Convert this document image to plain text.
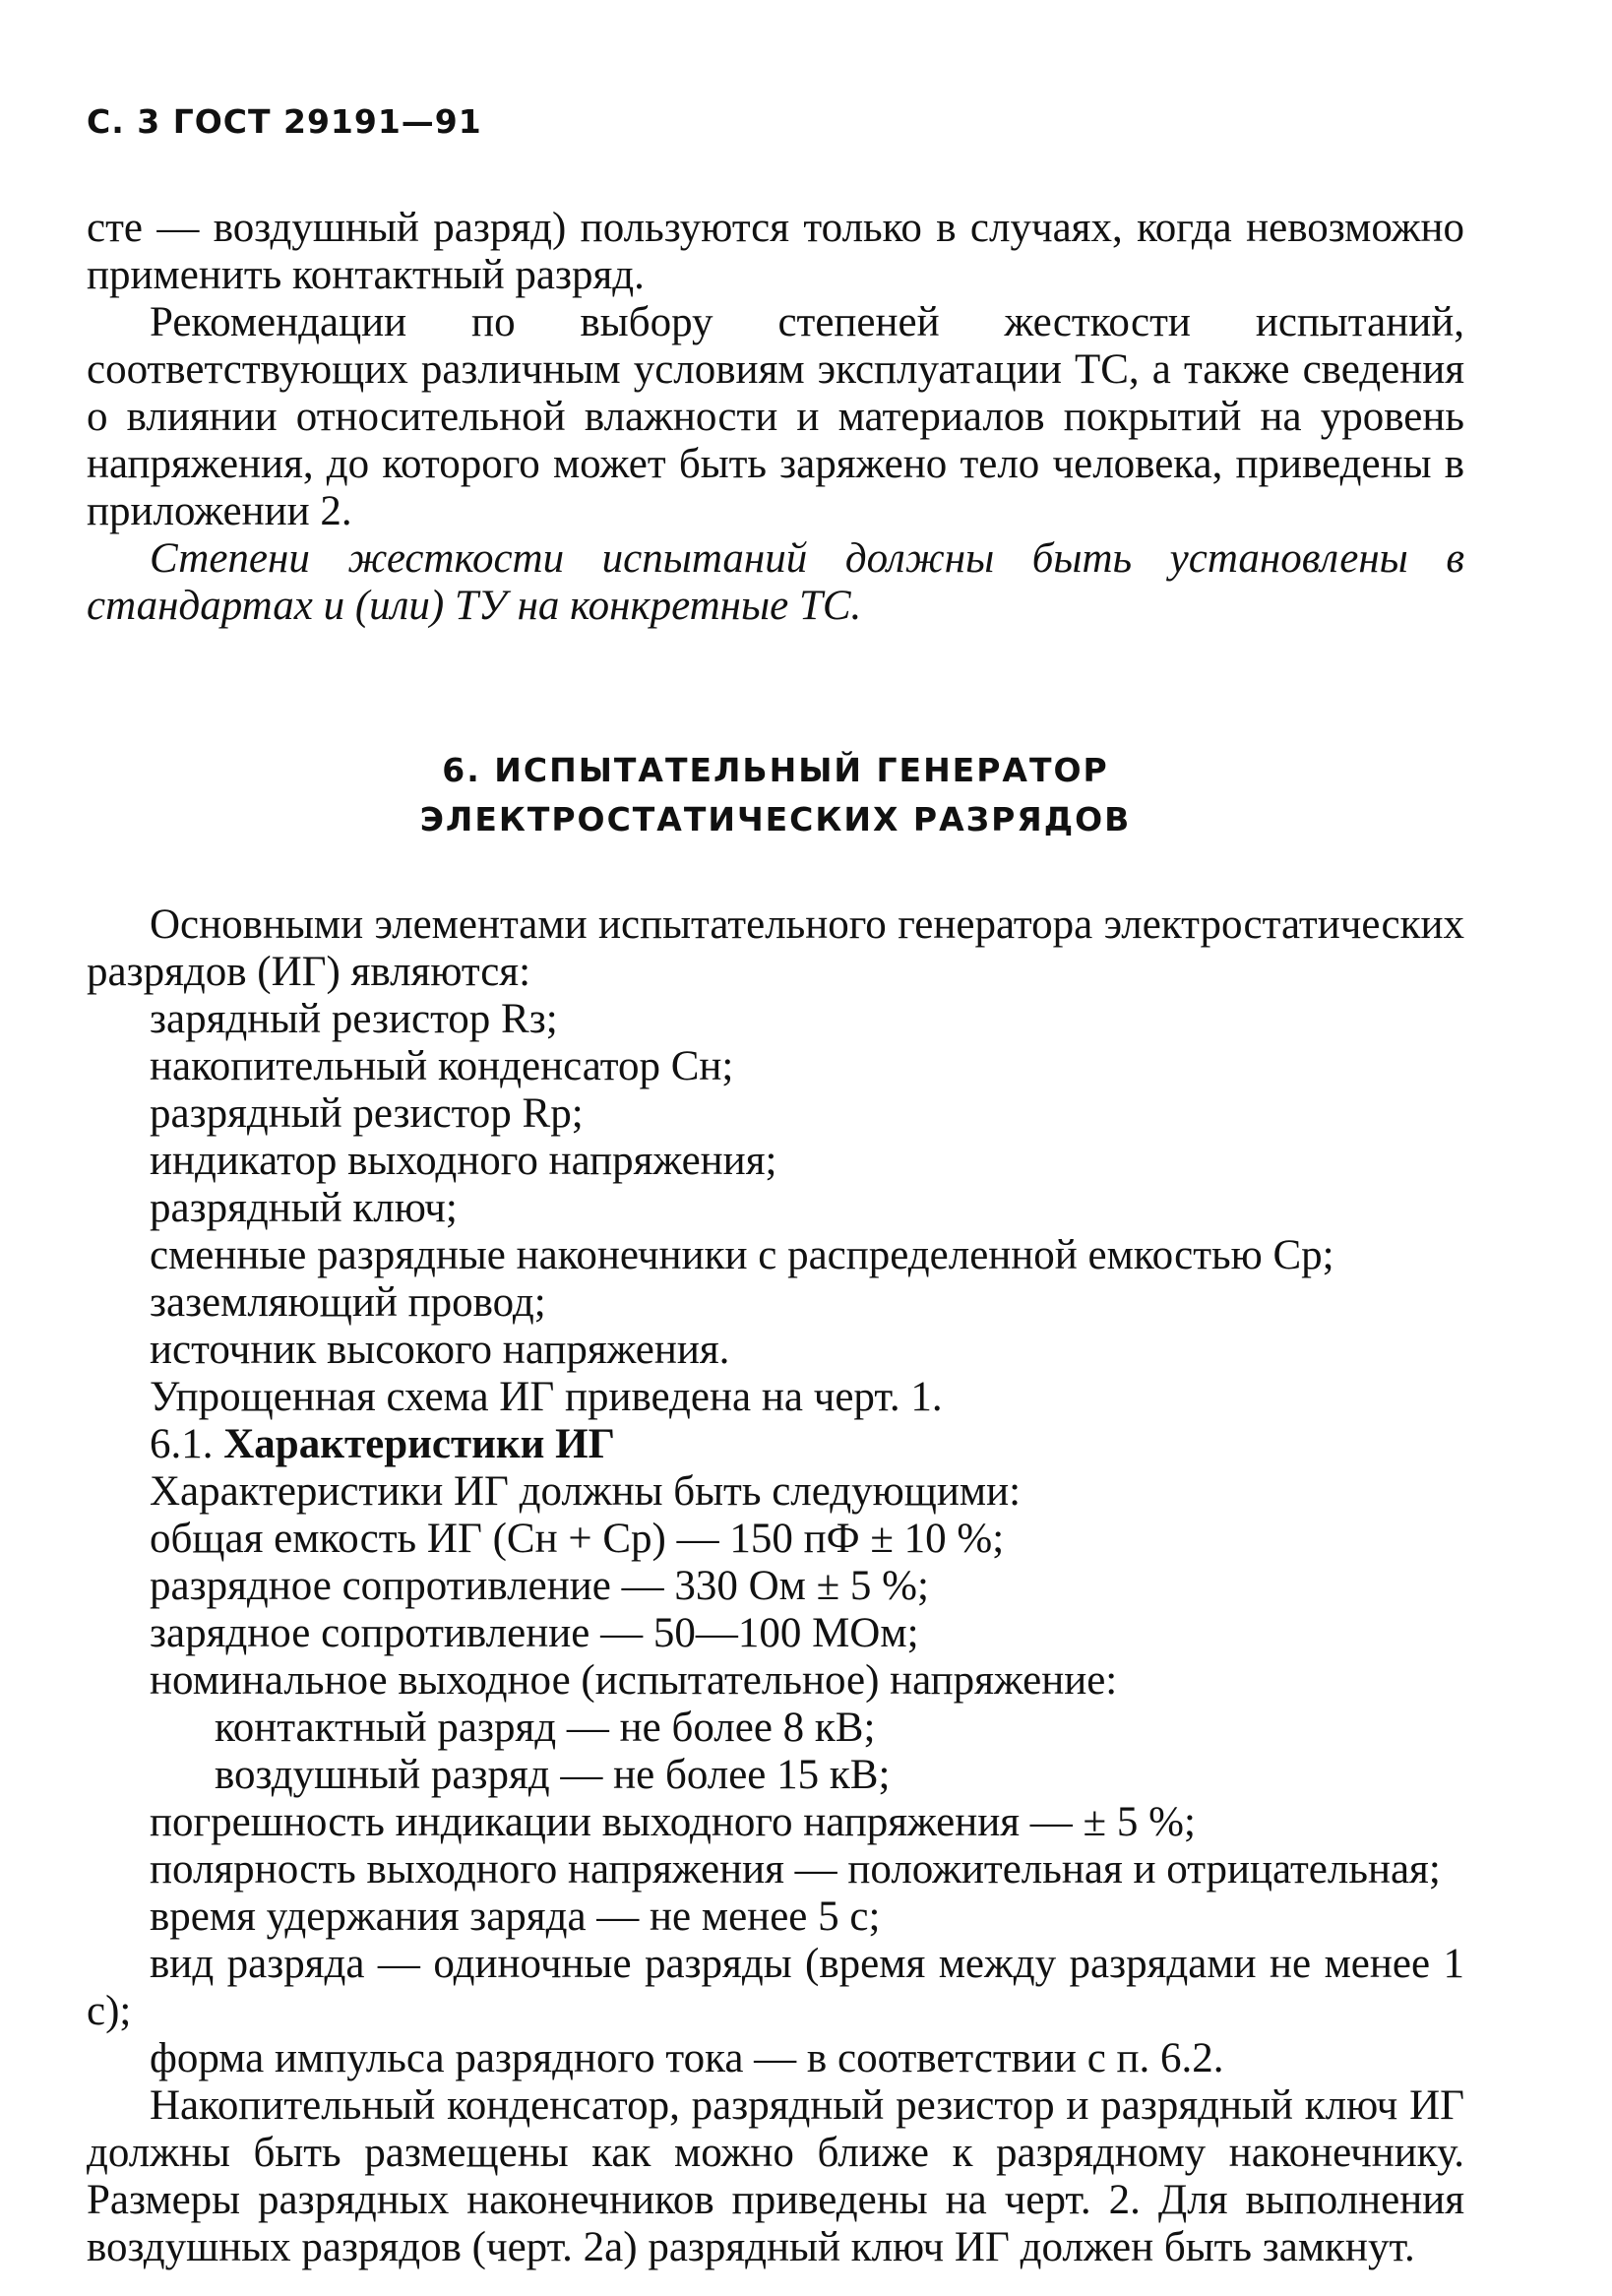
С. 3 ГОСТ 29191—91

сте — воздушный разряд) пользуются только в случаях, когда невозможно применить контактный разряд.

Рекомендации по выбору степеней жесткости испытаний, соответствующих различным условиям эксплуатации ТС, а также сведения о влиянии относительной влажности и материалов покрытий на уровень напряжения, до которого может быть заряжено тело человека, приведены в приложении 2.

Степени жесткости испытаний должны быть установлены в стандартах и (или) ТУ на конкретные ТС.

6. ИСПЫТАТЕЛЬНЫЙ ГЕНЕРАТОР
ЭЛЕКТРОСТАТИЧЕСКИХ РАЗРЯДОВ

Основными элементами испытательного генератора электростатических разрядов (ИГ) являются:

зарядный резистор Rз;

накопительный конденсатор Cн;

разрядный резистор Rр;

индикатор выходного напряжения;

разрядный ключ;

сменные разрядные наконечники с распределенной емкостью Cр;

заземляющий провод;

источник высокого напряжения.

Упрощенная схема ИГ приведена на черт. 1.

6.1. Характеристики ИГ

Характеристики ИГ должны быть следующими:

общая емкость ИГ (Cн + Cр) — 150 пФ ± 10 %;

разрядное сопротивление — 330 Ом ± 5 %;

зарядное сопротивление — 50—100 МОм;

номинальное выходное (испытательное) напряжение:

контактный разряд — не более 8 кВ;

воздушный разряд — не более 15 кВ;

погрешность индикации выходного напряжения — ± 5 %;

полярность выходного напряжения — положительная и отрицательная;

время удержания заряда — не менее 5 с;

вид разряда — одиночные разряды (время между разрядами не менее 1 с);

форма импульса разрядного тока — в соответствии с п. 6.2.

Накопительный конденсатор, разрядный резистор и разрядный ключ ИГ должны быть размещены как можно ближе к разрядному наконечнику. Размеры разрядных наконечников приведены на черт. 2. Для выполнения воздушных разрядов (черт. 2а) разрядный ключ ИГ должен быть замкнут.
